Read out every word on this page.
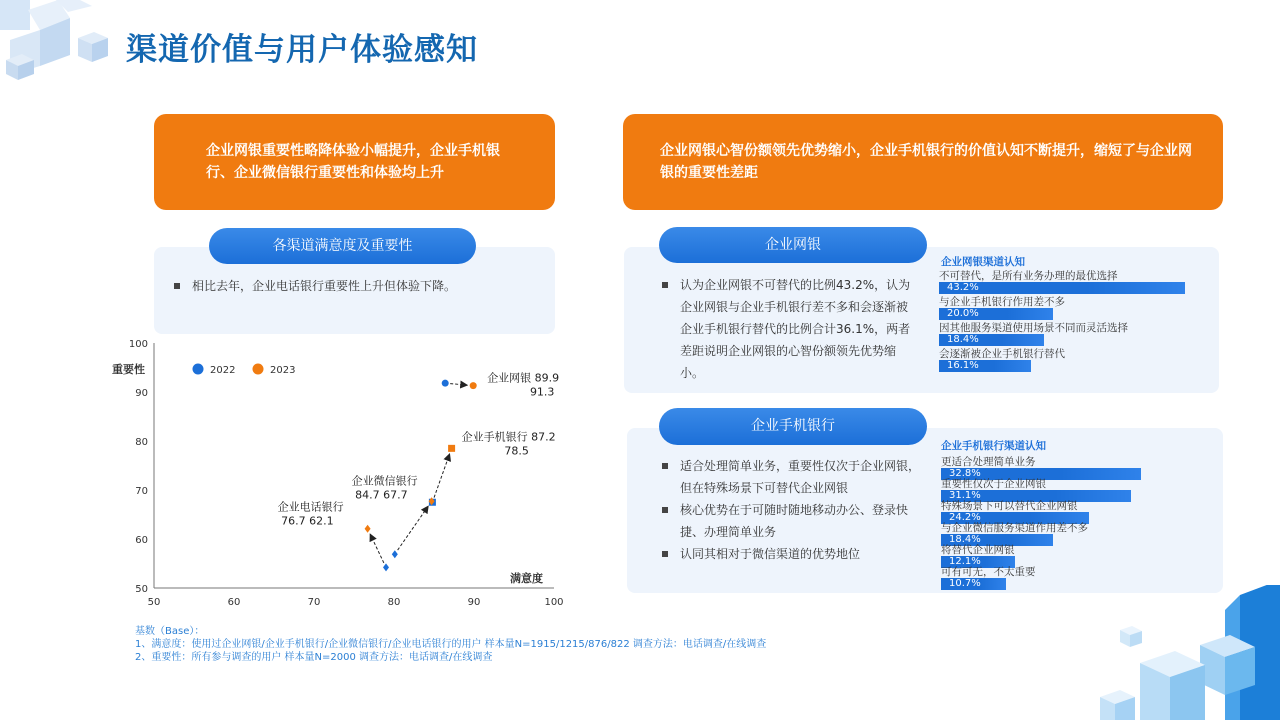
渠道价值与用户体验感知
企业网银重要性略降体验小幅提升，企业手机银行、企业微信银行重要性和体验均上升
各渠道满意度及重要性
相比去年，企业电话银行重要性上升但体验下降。
重要性
满意度
50	60	70	80	90	100
50
60
70
80
90
100
2022	2023
企业网银 89.9
91.3
企业手机银行 87.2
78.5
企业微信银行
84.7 67.7
企业电话银行
76.7 62.1
企业网银心智份额领先优势缩小，企业手机银行的价值认知不断提升，缩短了与企业网银的重要性差距
企业网银
认为企业网银不可替代的比例43.2%，认为企业网银与企业手机银行差不多和会逐渐被企业手机银行替代的比例合计36.1%，两者差距说明企业网银的心智份额领先优势缩小。
企业网银渠道认知
不可替代，是所有业务办理的最优选择
43.2%
与企业手机银行作用差不多
20.0%
因其他服务渠道使用场景不同而灵活选择
18.4%
会逐渐被企业手机银行替代
16.1%
企业手机银行
适合处理简单业务，重要性仅次于企业网银，但在特殊场景下可替代企业网银
核心优势在于可随时随地移动办公、登录快捷、办理简单业务
认同其相对于微信渠道的优势地位
企业手机银行渠道认知
更适合处理简单业务
32.8%
重要性仅次于企业网银
31.1%
特殊场景下可以替代企业网银
24.2%
与企业微信服务渠道作用差不多
18.4%
将替代企业网银
12.1%
可有可无，不太重要
10.7%
基数（Base）：
1、满意度：使用过企业网银/企业手机银行/企业微信银行/企业电话银行的用户 样本量N=1915/1215/876/822 调查方法：电话调查/在线调查
2、重要性：所有参与调查的用户 样本量N=2000 调查方法：电话调查/在线调查
